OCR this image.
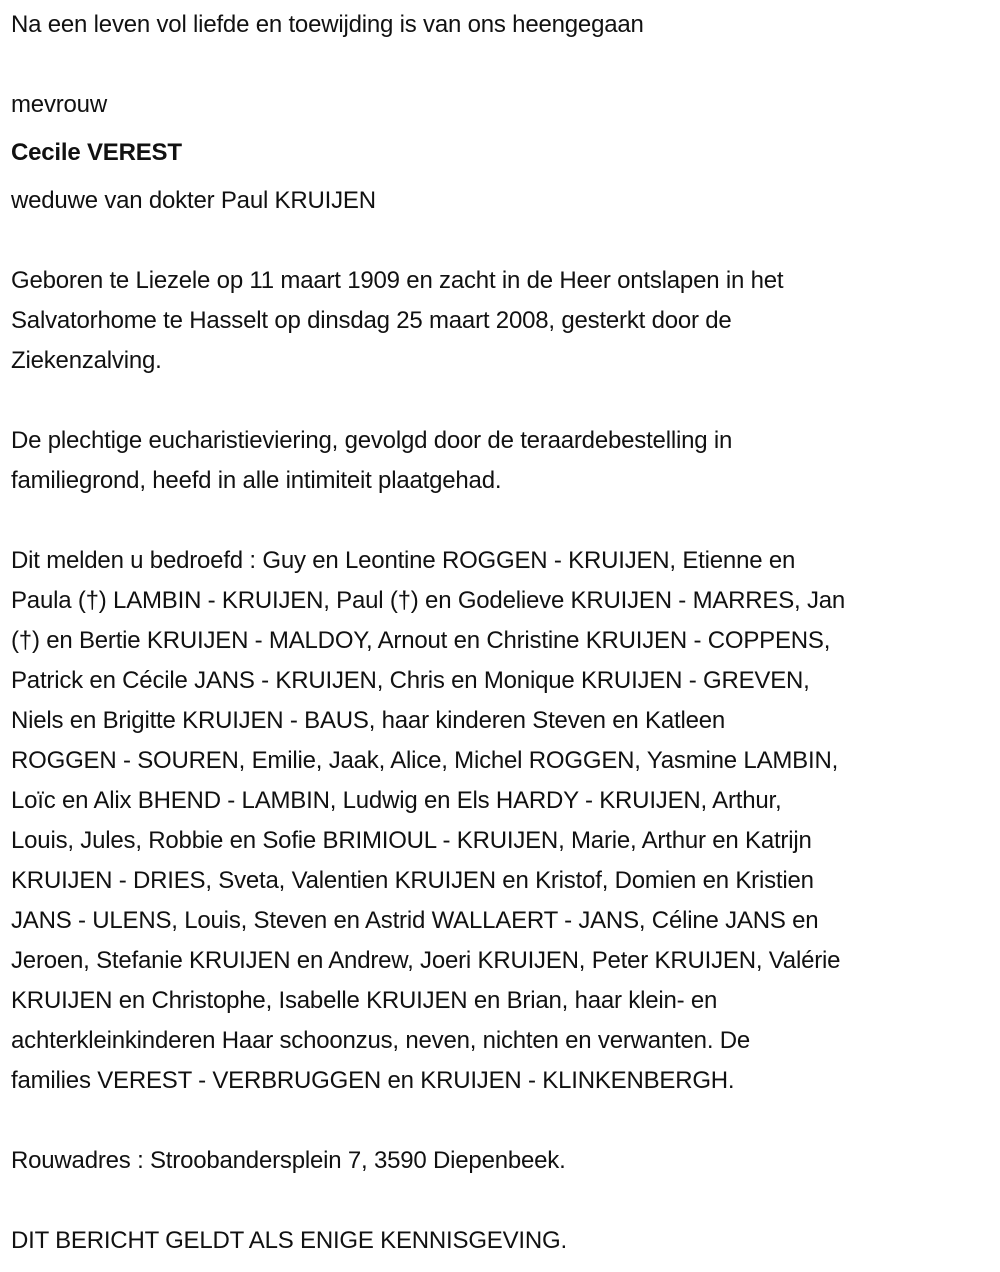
Na een leven vol liefde en toewijding is van ons heengegaan
mevrouw
Cecile VEREST
weduwe van dokter Paul KRUIJEN
Geboren te Liezele op 11 maart 1909 en zacht in de Heer ontslapen in het
Salvatorhome te Hasselt op dinsdag 25 maart 2008, gesterkt door de
Ziekenzalving.
De plechtige eucharistieviering, gevolgd door de teraardebestelling in
familiegrond, heefd in alle intimiteit plaatgehad.
Dit melden u bedroefd : Guy en Leontine ROGGEN - KRUIJEN, Etienne en
Paula (†) LAMBIN - KRUIJEN, Paul (†) en Godelieve KRUIJEN - MARRES, Jan
(†) en Bertie KRUIJEN - MALDOY, Arnout en Christine KRUIJEN - COPPENS,
Patrick en Cécile JANS - KRUIJEN, Chris en Monique KRUIJEN - GREVEN,
Niels en Brigitte KRUIJEN - BAUS, haar kinderen Steven en Katleen
ROGGEN - SOUREN, Emilie, Jaak, Alice, Michel ROGGEN, Yasmine LAMBIN,
Loïc en Alix BHEND - LAMBIN, Ludwig en Els HARDY - KRUIJEN, Arthur,
Louis, Jules, Robbie en Sofie BRIMIOUL - KRUIJEN, Marie, Arthur en Katrijn
KRUIJEN - DRIES, Sveta, Valentien KRUIJEN en Kristof, Domien en Kristien
JANS - ULENS, Louis, Steven en Astrid WALLAERT - JANS, Céline JANS en
Jeroen, Stefanie KRUIJEN en Andrew, Joeri KRUIJEN, Peter KRUIJEN, Valérie
KRUIJEN en Christophe, Isabelle KRUIJEN en Brian, haar klein- en
achterkleinkinderen Haar schoonzus, neven, nichten en verwanten. De
families VEREST - VERBRUGGEN en KRUIJEN - KLINKENBERGH.
Rouwadres : Stroobandersplein 7, 3590 Diepenbeek.
DIT BERICHT GELDT ALS ENIGE KENNISGEVING.
